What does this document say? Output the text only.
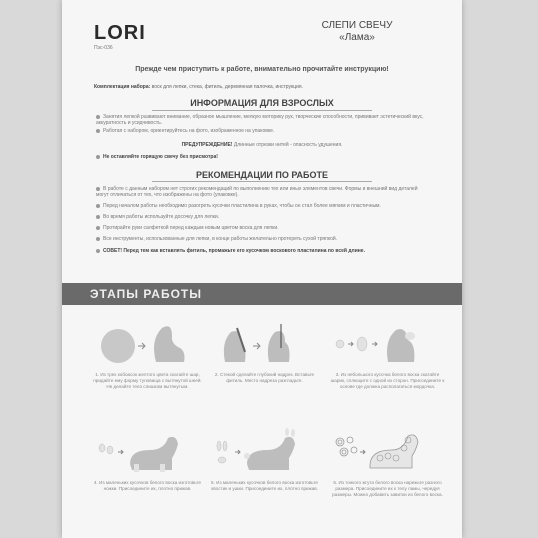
LORI
Пэс-036
СЛЕПИ СВЕЧУ
«Лама»
Прежде чем приступить к работе, внимательно прочитайте инструкцию!
Комплектация набора: воск для лепки, стека, фитиль, деревянная палочка, инструкция.
ИНФОРМАЦИЯ ДЛЯ ВЗРОСЛЫХ
Занятия лепкой развивают внимание, образное мышление, мелкую моторику рук, творческие способности, прививает эстетический вкус, аккуратность и усидчивость.
Работая с набором, ориентируйтесь на фото, изображенное на упаковке.
ПРЕДУПРЕЖДЕНИЕ! Длинные отрезки нитей - опасность удушения.
Не оставляйте горящую свечу без присмотра!
РЕКОМЕНДАЦИИ ПО РАБОТЕ
В работе с данным набором нет строгих рекомендаций по выполнению тех или иных элементов свечи. Формы и внешний вид деталей могут отличаться от тех, что изображены на фото (упаковке).
Перед началом работы необходимо разогреть кусочки пластилина в руках, чтобы он стал более мягким и пластичным.
Во время работы используйте досочку для лепки.
Протирайте руки салфеткой перед каждым новым цветом воска для лепки.
Все инструменты, использованные для лепки, в конце работы желательно протереть сухой тряпкой.
СОВЕТ! Перед тем как вставлять фитиль, промажьте его кусочком воскового пластилина по всей длине.
ЭТАПЫ РАБОТЫ
1. Из трех кобоасок желтого цвета скатайте шар, придайте ему форму туловища с вытянутой шеей. Не делайте тело слишком вытянутым.
2. Стекой сделайте глубокий надрез. Вставьте фитиль. Место надреза разгладьте.
3. Из небольшого кусочка белого воска скатайте шарик, сплющите с одной из сторон. Присоедините к основе где должна располагаться мордочка.
4. Из маленьких кусочков белого воска изготовьте ножки. Присоедините их, плотно прижав.
5. Из маленьких кусочков белого воска изготовьте хвостик и ушки. Присоедините их, плотно прижав.
6. Из тонкого жгута белого воска нарежьте разного размера. Присоедините их к телу ламы, чередуя размеры. Можно добавить завитки из белого воска.
